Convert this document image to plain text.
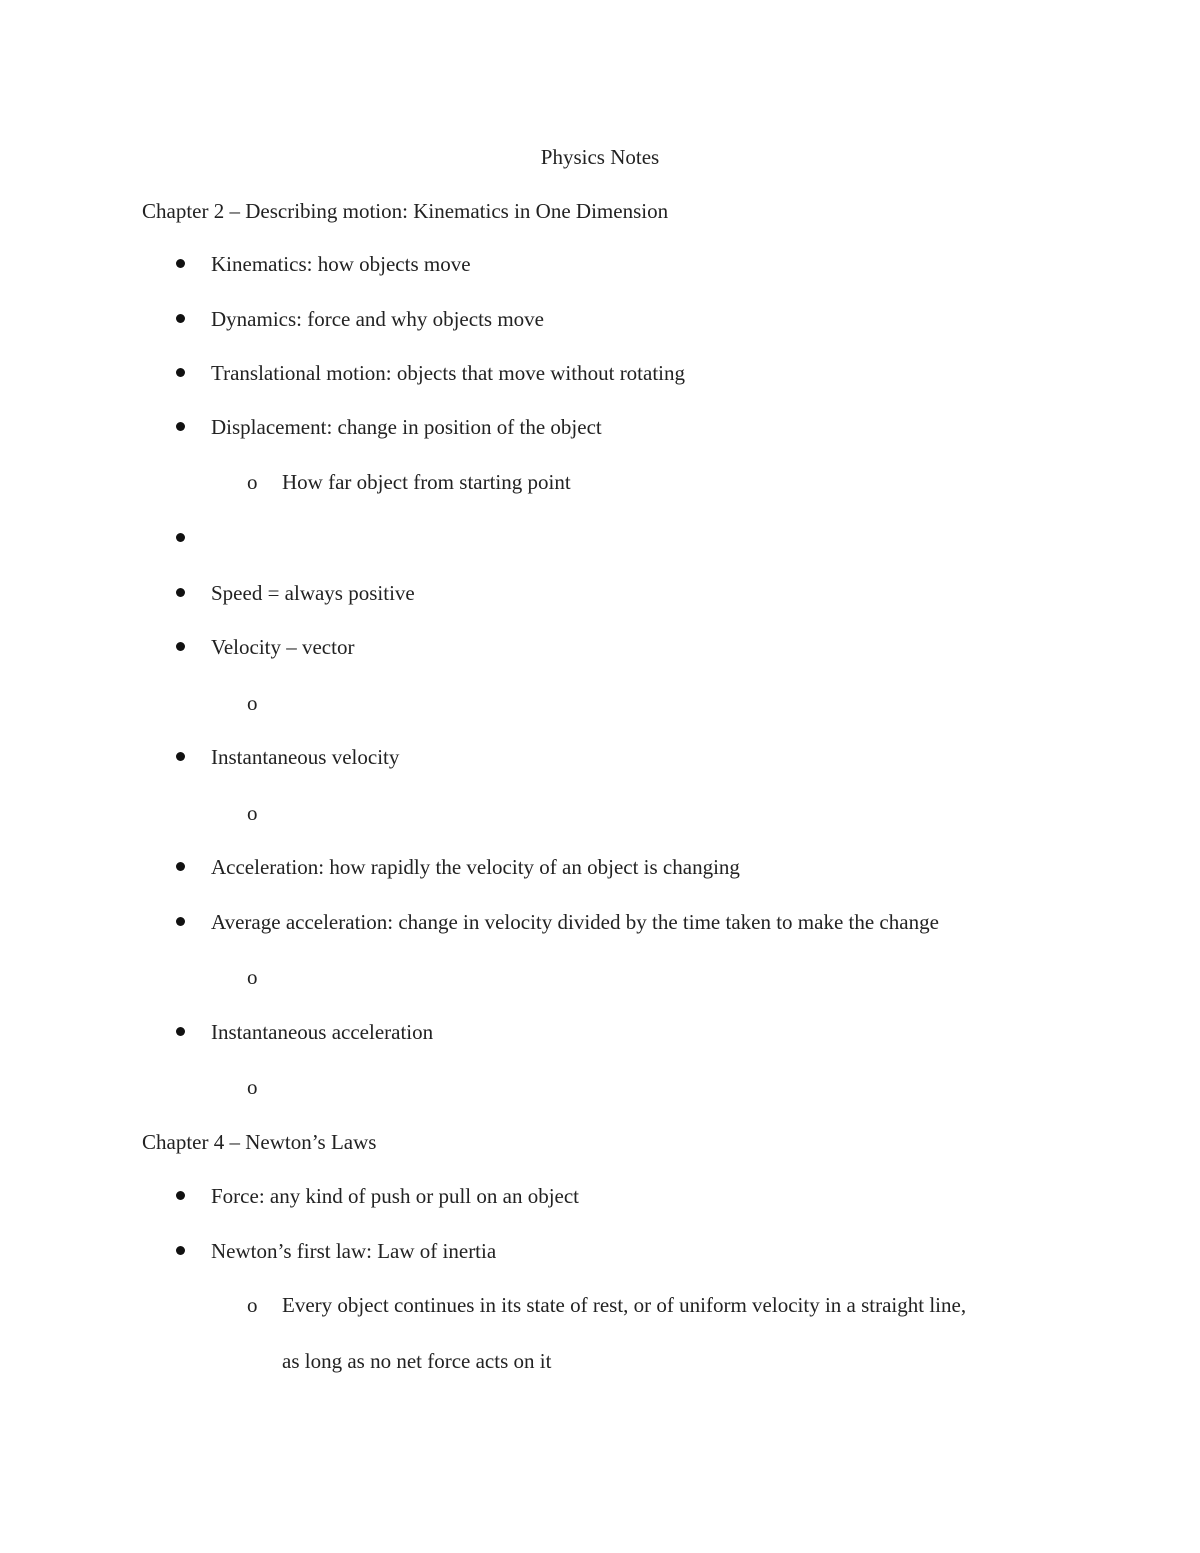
Physics Notes
Chapter 2 – Describing motion: Kinematics in One Dimension
Kinematics: how objects move
Dynamics: force and why objects move
Translational motion: objects that move without rotating
Displacement: change in position of the object
o How far object from starting point
Speed = always positive
Velocity – vector
o
Instantaneous velocity
o
Acceleration: how rapidly the velocity of an object is changing
Average acceleration: change in velocity divided by the time taken to make the change
o
Instantaneous acceleration
o
Chapter 4 – Newton’s Laws
Force: any kind of push or pull on an object
Newton’s first law: Law of inertia
o Every object continues in its state of rest, or of uniform velocity in a straight line,
as long as no net force acts on it
